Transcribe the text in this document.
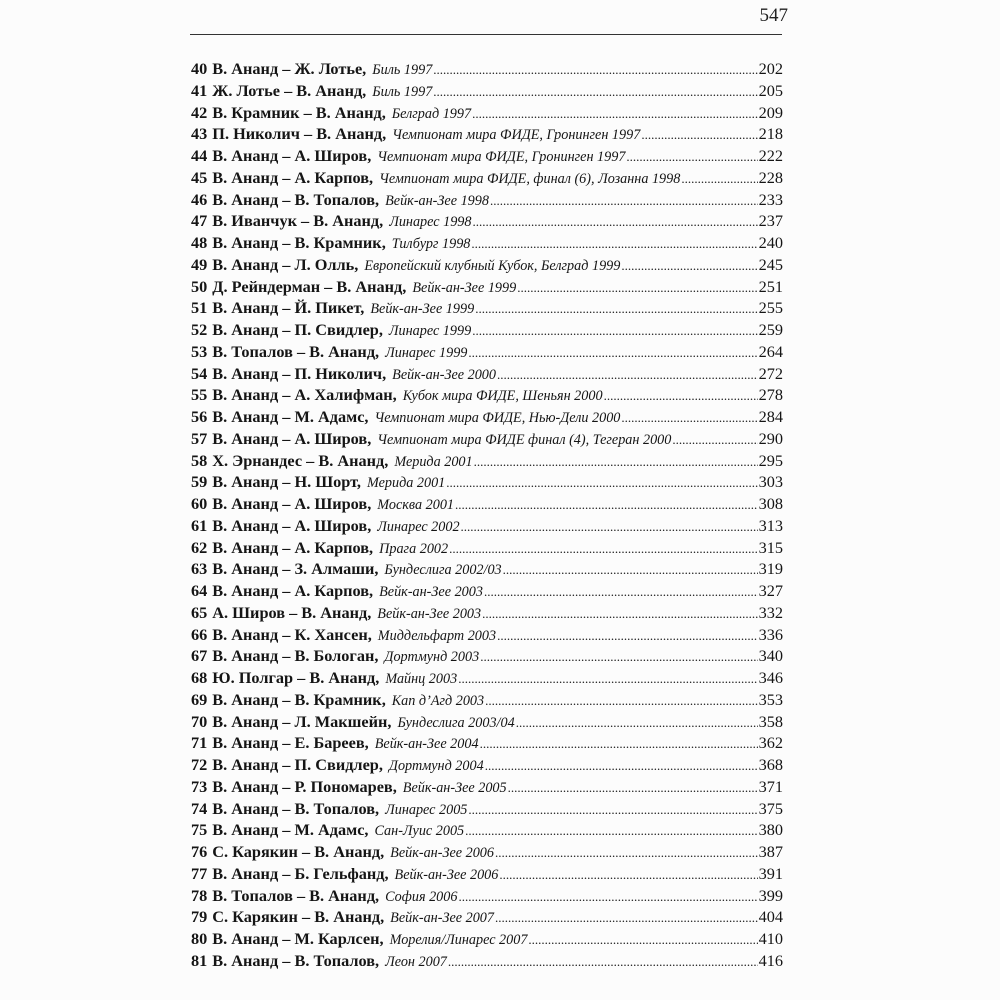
547
40 В. Ананд – Ж. Лотье, Биль 1997 .....	202
41 Ж. Лотье – В. Ананд, Биль 1997 .....	205
42 В. Крамник – В. Ананд, Белград 1997 .....	209
43 П. Николич – В. Ананд, Чемпионат мира ФИДЕ, Гронинген 1997 .....	218
44 В. Ананд – А. Широв, Чемпионат мира ФИДЕ, Гронинген 1997 .....	222
45 В. Ананд – А. Карпов, Чемпионат мира ФИДЕ, финал (6), Лозанна 1998 .....	228
46 В. Ананд – В. Топалов, Вейк-ан-Зее 1998 .....	233
47 В. Иванчук – В. Ананд, Линарес 1998 .....	237
48 В. Ананд – В. Крамник, Тилбург 1998 .....	240
49 В. Ананд – Л. Олль, Европейский клубный Кубок, Белград 1999 .....	245
50 Д. Рейндерман – В. Ананд, Вейк-ан-Зее 1999 .....	251
51 В. Ананд – Й. Пикет, Вейк-ан-Зее 1999 .....	255
52 В. Ананд – П. Свидлер, Линарес 1999 .....	259
53 В. Топалов – В. Ананд, Линарес 1999 .....	264
54 В. Ананд – П. Николич, Вейк-ан-Зее 2000 .....	272
55 В. Ананд – А. Халифман, Кубок мира ФИДЕ, Шеньян 2000 .....	278
56 В. Ананд – М. Адамс, Чемпионат мира ФИДЕ, Нью-Дели 2000 .....	284
57 В. Ананд – А. Широв, Чемпионат мира ФИДЕ финал (4), Тегеран 2000 .....	290
58 Х. Эрнандес – В. Ананд, Мерида 2001 .....	295
59 В. Ананд – Н. Шорт, Мерида 2001 .....	303
60 В. Ананд – А. Широв, Москва 2001 .....	308
61 В. Ананд – А. Широв, Линарес 2002 .....	313
62 В. Ананд – А. Карпов, Прага 2002 .....	315
63 В. Ананд – З. Алмаши, Бундеслига 2002/03 .....	319
64 В. Ананд – А. Карпов, Вейк-ан-Зее 2003 .....	327
65 А. Широв – В. Ананд, Вейк-ан-Зее 2003 .....	332
66 В. Ананд – К. Хансен, Миддельфарт 2003 .....	336
67 В. Ананд – В. Бологан, Дортмунд 2003 .....	340
68 Ю. Полгар – В. Ананд, Майнц 2003 .....	346
69 В. Ананд – В. Крамник, Кап д’Агд 2003 .....	353
70 В. Ананд – Л. Макшейн, Бундеслига 2003/04 .....	358
71 В. Ананд – Е. Бареев, Вейк-ан-Зее 2004 .....	362
72 В. Ананд – П. Свидлер, Дортмунд 2004 .....	368
73 В. Ананд – Р. Пономарев, Вейк-ан-Зее 2005 .....	371
74 В. Ананд – В. Топалов, Линарес 2005 .....	375
75 В. Ананд – М. Адамс, Сан-Луис 2005 .....	380
76 С. Карякин – В. Ананд, Вейк-ан-Зее 2006 .....	387
77 В. Ананд – Б. Гельфанд, Вейк-ан-Зее 2006 .....	391
78 В. Топалов – В. Ананд, София 2006 .....	399
79 С. Карякин – В. Ананд, Вейк-ан-Зее 2007 .....	404
80 В. Ананд – М. Карлсен, Морелия/Линарес 2007 .....	410
81 В. Ананд – В. Топалов, Леон 2007 .....	416
